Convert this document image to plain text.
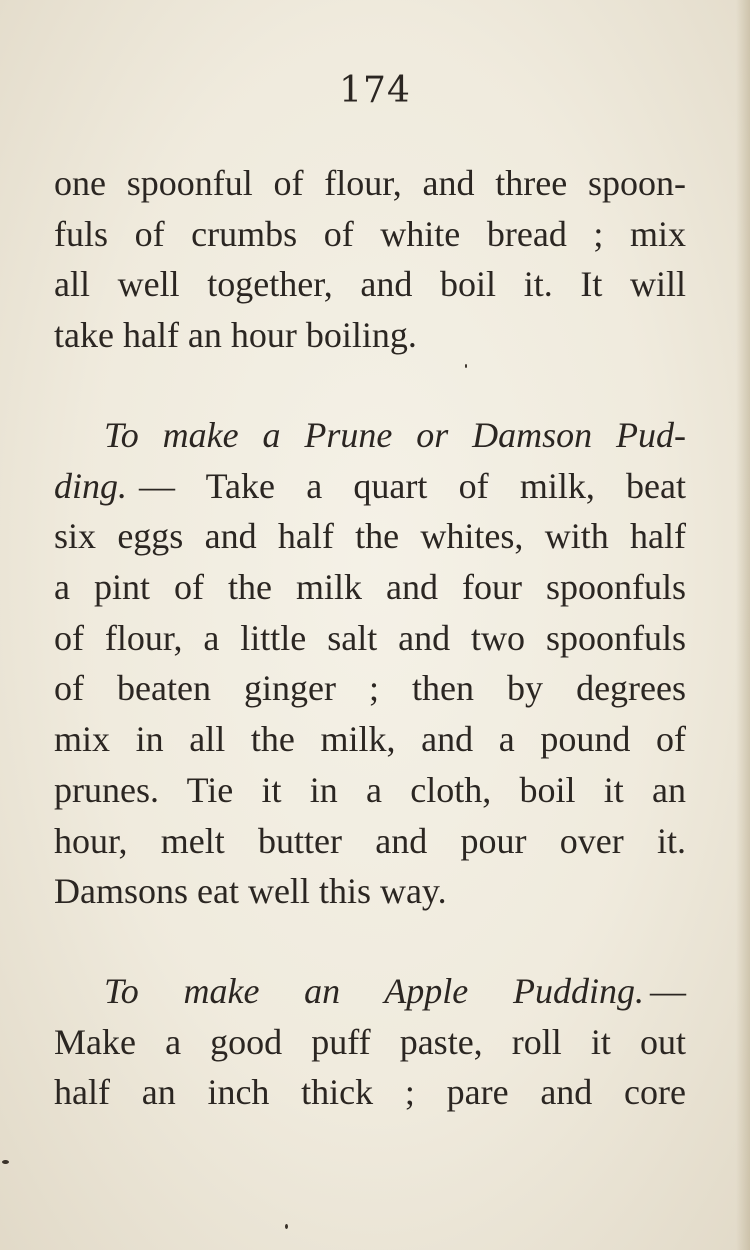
174
one spoonful of flour, and three spoon-
fuls of crumbs of white bread ; mix
all well together, and boil it. It will
take half an hour boiling.
To make a Prune or Damson Pud-
ding. — Take a quart of milk, beat
six eggs and half the whites, with half
a pint of the milk and four spoonfuls
of flour, a little salt and two spoonfuls
of beaten ginger ; then by degrees
mix in all the milk, and a pound of
prunes. Tie it in a cloth, boil it an
hour, melt butter and pour over it.
Damsons eat well this way.
To make an Apple Pudding. —
Make a good puff paste, roll it out
half an inch thick ; pare and core
